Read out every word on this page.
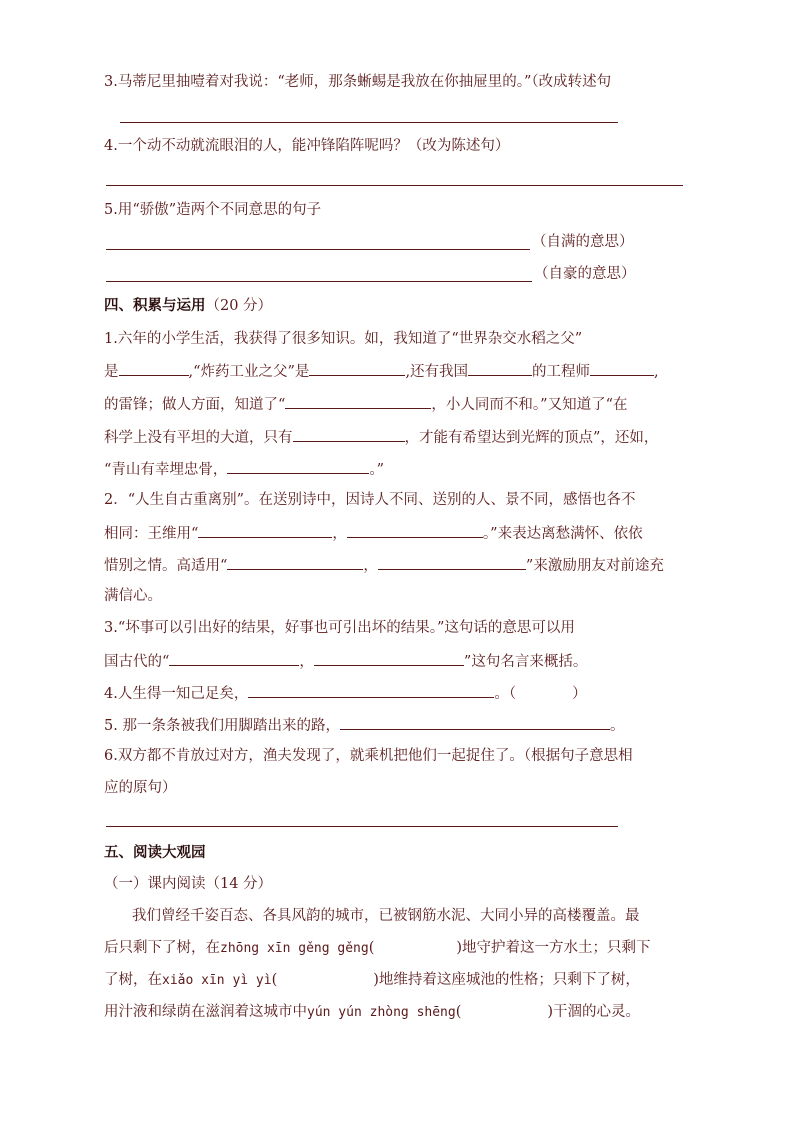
3.马蒂尼里抽噎着对我说：“老师，那条蜥蜴是我放在你抽屉里的。”（改成转述句
4.一个动不动就流眼泪的人，能冲锋陷阵呢吗？（改为陈述句）
5.用“骄傲”造两个不同意思的句子
（自满的意思）
（自豪的意思）
四、积累与运用（20 分）
1.六年的小学生活，我获得了很多知识。如，我知道了“世界杂交水稻之父”
是	,“炸药工业之父”是	,还有我国	的工程师	,
的雷锋；做人方面，知道了“	，小人同而不和。”又知道了“在
科学上没有平坦的大道，只有	，才能有希望达到光辉的顶点”，还如，
“青山有幸埋忠骨，	。”
2．“人生自古重离别”。在送别诗中，因诗人不同、送别的人、景不同，感悟也各不
相同：王维用“	，	。”来表达离愁满怀、依依
惜别之情。高适用“	，	”来激励朋友对前途充
满信心。
3.“坏事可以引出好的结果，好事也可引出坏的结果。”这句话的意思可以用
国古代的“	，	”这句名言来概括。
4.人生得一知己足矣，	。（	）
5. 那一条条被我们用脚踏出来的路，	。
6.双方都不肯放过对方，渔夫发现了，就乘机把他们一起捉住了。（根据句子意思相
应的原句）
五、阅读大观园
（一）课内阅读（14 分）
我们曾经千姿百态、各具风韵的城市，已被钢筋水泥、大同小异的高楼覆盖。最
后只剩下了树，在zhōng xīn gěng gěng(	)地守护着这一方水土；只剩下
了树，在xiǎo xīn yì yì(	)地维持着这座城池的性格；只剩下了树，
用汁液和绿荫在滋润着这城市中yún yún zhòng shēng(	)干涸的心灵。
